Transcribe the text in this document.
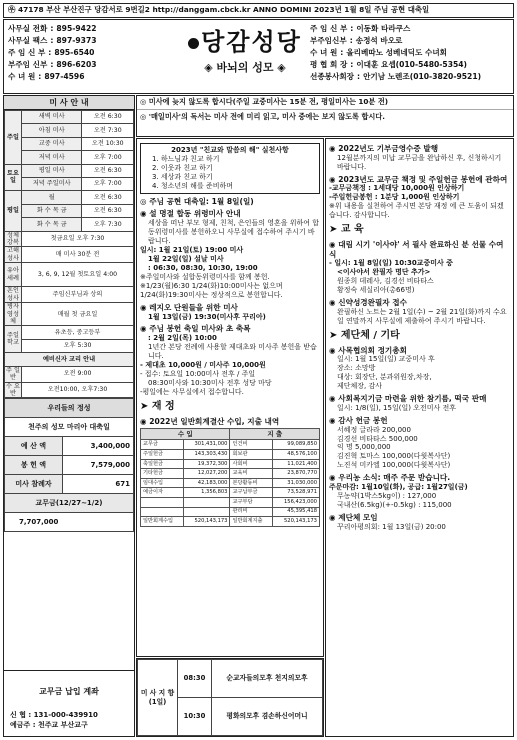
㉾ 47178 부산 부산진구 당감서로 9번길2
http://danggam.cbck.kr
ANNO DOMINI
2023년 1월 8일 주님 공현 대축일
사무실 전화 : 895-9422
사무실 팩스 : 897-9373
주 임 신 부 : 895-6540
부주임 신부 : 896-6203
수 녀 원 : 897-4596
당감성당
◈ 바뇌의 성모 ◈
주 임 신 부 : 이동화 타라쿠스
부주임신부 : 송정석 바오로
수 녀 원 : 올리베따노 성베네딕도 수녀회
평 협 회 장 : 이대훈 요셉(010-5480-5354)
선종봉사회장 : 안기남 노렌조(010-3820-9521)
미 사 안 내
주일	새벽 미사	오전 6:30
	아침 미사	오전 7:30
	교중 미사	오전 10:30
	저녁 미사	오후 7:00
토요일	평일 미사	오전 6:30
	저녁 주일미사	오후 7:00
평일	월	오전 6:30
	화 수 목 금	오전 6:30
	화 수 목 금	오후 7:30
성체강복	첫금요일 오후 7:30	
고해성사	매 미사 30분 전	
유아세례	3, 6, 9, 12월 첫토요일 4:00	
혼인성사	주임신부님과 상의	
병자영성체	매월 첫 금요일	
주일학교	유초등, 중고등부	
	오후 5:30	
예비신자 교리 안내		
주 일 반	오전 9:00	
수 요 반	오전10:00, 오후7:30	
우리들의 정성	
천주의 성모 마리아 대축일	
예 산 액	3,400,000
봉 헌 액	7,579,000
미사 참례자	671
교무금(12/27~1/2)	
7,707,000	
교무금 납입 계좌
신 협 : 131-000-439910
예금주 : 천주교 부산교구
◎ 미사에 늦지 않도록 합시다(주일 교중미사는 15분 전, 평일미사는 10분 전)
◎ '매일미사'의 독서는 미사 전에 미리 읽고, 미사 중에는 보지 않도록 합시다.
2023년 "친교와 말씀의 해" 실천사항
1. 하느님과 친교 하기
2. 이웃과 친교 하기
3. 세상과 친교 하기
4. 청소년의 해를 준비하며
◎ 주님 공현 대축일: 1월 8일(일)
◉ 설 명절 합동 위령미사 안내
세상을 떠난 부모 형제, 친척, 은인들의 영혼을 위하여 합동위령미사를 봉헌하오니 사무실에 접수하여 주시기 바랍니다.
일시: 1월 21일(토) 19:00 미사
1월 22일(일) 설날 미사
: 06:30, 08:30, 10:30, 19:00
※주일미사와 설합동위령미사를 함께 봉헌.
※1/23(월)6:30 1/24(화)10:00미사는 없으며
1/24(화)19:30미사는 정상적으로 봉헌합니다.
◉ 레지오 단원들을 위한 미사
1월 13일(금) 19:30(미사후 꾸리아)
◉ 주님 봉헌 축일 미사와 초 축복
: 2월 2일(목) 10:00
1년간 본당 전례에 사용할 제대초와 미사주 봉헌을 받습니다.
- 제대초 10,000원 / 미사주 10,000원
- 접수: 토요일 10:00미사 전후 / 주일
08:30미사와 10:30미사 전후 성당 마당
-평일에는 사무실에서 접수합니다.
➤ 재 정
◉ 2022년 일반회계결산 수입, 지출 내역
수 입		지 출	
교무금	301,431,000	인건비	99,089,850
주일헌금	143,303,430	회보관	48,576,100
축일헌금	19,372,300	사회비	11,021,400
기타헌금	12,027,200	교육비	23,870,770
임대수입	42,183,000	본당활동비	31,030,000
예금이자	1,356,803	교구납부금	73,528,971
		교구부담	156,423,000
		관리비	45,395,418
일반회계수입	520,143,173	일반회계지출	520,143,173
미 사 지 향 (1일)	08:30	순교자들의모후 천지의모후
	10:30	평화의모후 겸손하신어머니
◉ 2022년도 기부금영수증 발행
12월분까지의 미납 교무금을 완납하신 후, 신청하시기 바랍니다.
◉ 2023년도 교무금 책정 및 주일헌금 봉헌에 관하여
-교무금책정 : 1세대당 10,000원 인상하기
-주일헌금봉헌 : 1분당 1,000원 인상하기
※위 내용을 실천하여 주시면 본당 재정 에 큰 도움이 되겠습니다. 감사합니다.
➤ 교 육
◉ 대림 시기 '이사야' 서 필사 완료하신 분 선물 수여식
- 일시: 1월 8일(일) 10:30교중미사 중
<이사야서 완필자 명단 추가>
원종희 데레사, 김경선 비타타스
황정숙 세실리아(총66명)
◉ 신약성경완필자 접수
완필하신 노트는 2월 1일(수) ~ 2월 21일(화)까지 수요일 연말까지 사무실에 제출하여 주시기 바랍니다.
➤ 제단체 / 기타
◉ 사목협의회 정기총회
일시: 1월 15일(일) 교중미사 후
장소: 소망방
대상: 회장단, 분과위원장,차장,
제단체장, 감사
◉ 사회복지기금 마련을 위한 참기름, 떡국 판매
일시: 1/8(일), 15일(일) 오전미사 전후
◉ 감사 헌금 봉헌
서혜정 글라라 200,000
김경선 비타타스 500,000
익 명 5,000,000
김진혁 토마스 100,000(다윗복사단)
노진석 미카엘 100,000(다윗복사단)
◉ 우리농 소식: 매주 주문 받습니다.
주문마감: 1월10일(화), 공급: 1월27일(금)
무농약(1박스5kg이) : 127,000
국내산(6.5kg)(+-0.5kg) : 115,000
◉ 제단체 모임
꾸리아평의회: 1월 13일(금) 20:00
